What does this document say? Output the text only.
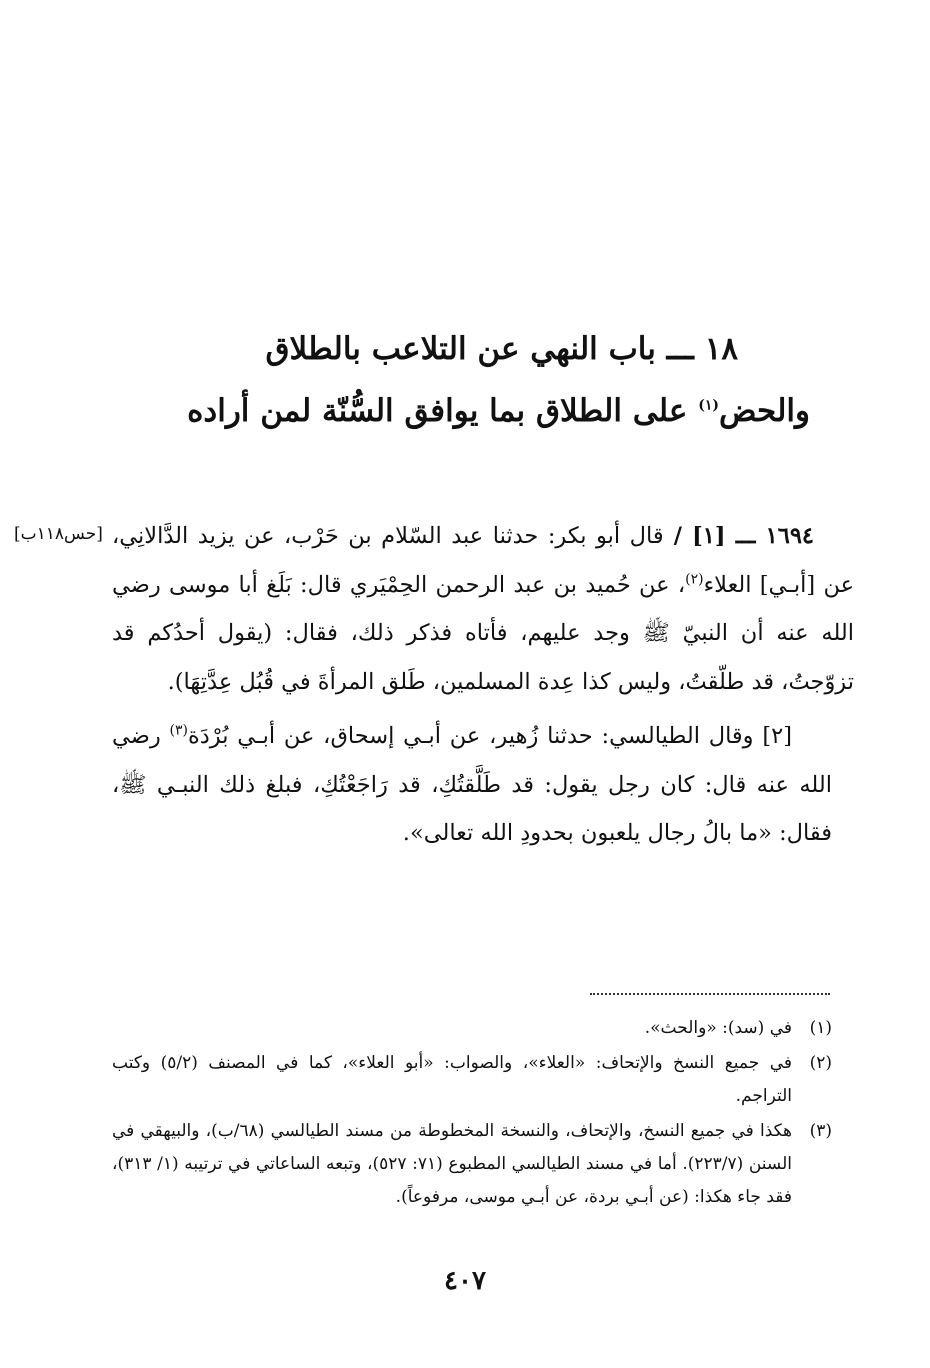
١٨ ـــ باب النهي عن التلاعب بالطلاق
والحض$^{(١)}$ على الطلاق بما يوافق السُّنّة لمن أراده

١٦٩٤ ـــ [١] / قال أبو بكر: حدثنا عبد السّلام بن حَرْب، عن يزيد الدَّالانِي، عن [أبـي] العلاء$^{(٢)}$، عن حُميد بن عبد الرحمن الحِمْيَري قال: بَلَغ أبا موسى رضي الله عنه أن النبيّ ﷺ وجد عليهم، فأتاه فذكر ذلك، فقال: (يقول أحدُكم قد تزوّجتُ، قد طلّقتُ، وليس كذا عِدة المسلمين، طَلق المرأةَ في قُبُل عِدَّتِهَا).

[٢] وقال الطيالسي: حدثنا زُهير، عن أبـي إسحاق، عن أبـي بُرْدَة$^{(٣)}$ رضي الله عنه قال: كان رجل يقول: قد طَلَّقتُكِ، قد رَاجَعْتُكِ، فبلغ ذلك النبـي ﷺ، فقال: «ما بالُ رجال يلعبون بحدودِ الله تعالى».

[حس١١٨ب]
(١)
في (سد): «والحث».
(٢)
في جميع النسخ والإتحاف: «العلاء»، والصواب: «أبو العلاء»، كما في المصنف (٥/٢) وكتب التراجم.
(٣)
هكذا في جميع النسخ، والإتحاف، والنسخة المخطوطة من مسند الطيالسي (٦٨/ب)، والبيهقي في السنن (٢٢٣/٧). أما في مسند الطيالسي المطبوع (٧١: ٥٢٧)، وتبعه الساعاتي في ترتيبه (١/ ٣١٣)، فقد جاء هكذا: (عن أبـي بردة، عن أبـي موسى، مرفوعاً).
٤٠٧
